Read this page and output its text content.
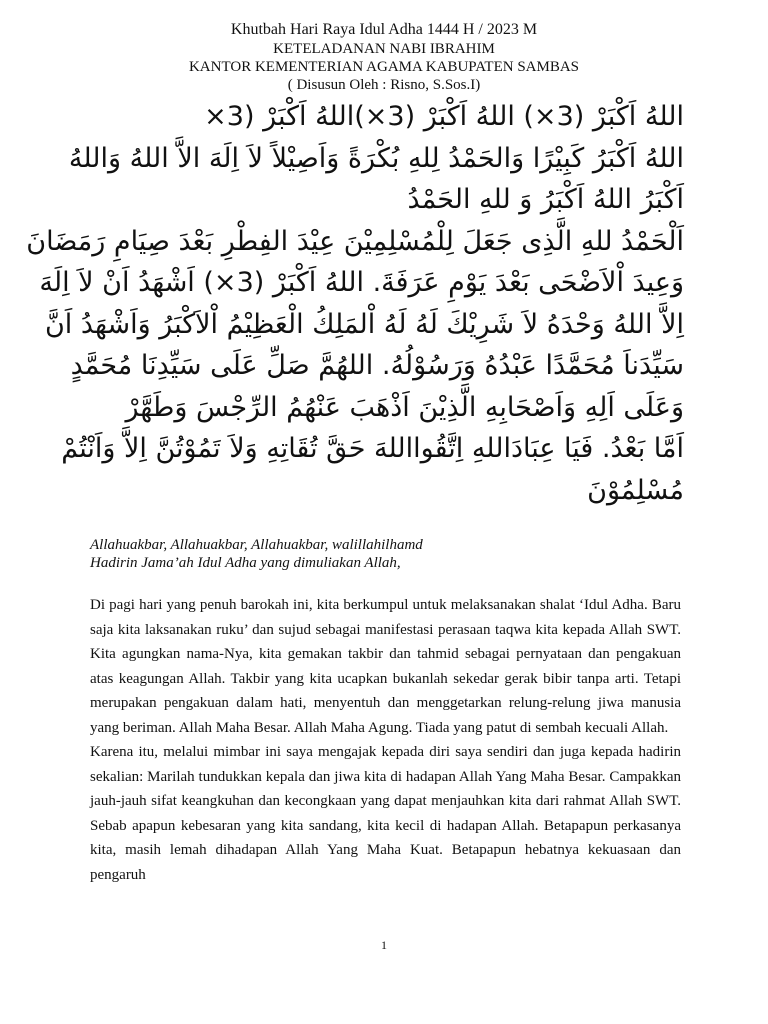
Khutbah Hari Raya Idul Adha 1444 H / 2023 M

KETELADANAN NABI IBRAHIM

KANTOR KEMENTERIAN AGAMA KABUPATEN SAMBAS

( Disusun Oleh : Risno, S.Sos.I)

اللهُ اَكْبَرْ (3×) اللهُ اَكْبَرْ (3×)اللهُ اَكْبَرْ (3×

اللهُ اَكْبَرُ كَبِيْرًا وَالحَمْدُ لِلهِ بُكْرَةً وَاَصِيْلاً لاَ اِلَهَ الاَّ اللهُ وَاللهُ

اَكْبَرُ اللهُ اَكْبَرُ وَ للهِ الحَمْدُ

اَلْحَمْدُ للهِ الَّذِى جَعَلَ لِلْمُسْلِمِيْنَ عِيْدَ الفِطْرِ بَعْدَ صِيَامِ رَمَضَانَ

وَعِيدَ اْلاَضْحَى بَعْدَ يَوْمِ عَرَفَةَ. اللهُ اَكْبَرْ (3×) اَشْهَدُ اَنْ لاَ اِلَهَ

اِلاَّ اللهُ وَحْدَهُ لاَ شَرِيْكَ لَهُ لَهُ اْلمَلِكُ الْعَظِيْمُ اْلاَكْبَرُ وَاَشْهَدُ اَنَّ

سَيِّدَناَ مُحَمَّدًا عَبْدُهُ وَرَسُوْلُهُ. اللهُمَّ صَلِّ عَلَى سَيِّدِنَا مُحَمَّدٍ

وَعَلَى اَلِهِ وَاَصْحَابِهِ الَّذِيْنَ اَذْهَبَ عَنْهُمُ الرِّجْسَ وَطَهَّرْ

اَمَّا بَعْدُ. فَيَا عِبَادَاللهِ اِتَّقُوااللهَ حَقَّ تُقَاتِهِ وَلاَ تَمُوْتُنَّ اِلاَّ وَاَنْتُمْ

مُسْلِمُوْنَ

Allahuakbar, Allahuakbar, Allahuakbar, walillahilhamd

Hadirin Jama’ah Idul Adha yang dimuliakan Allah,

Di pagi hari yang penuh barokah ini, kita berkumpul untuk melaksanakan shalat ‘Idul Adha. Baru saja kita laksanakan ruku’ dan sujud sebagai manifestasi perasaan taqwa kita kepada Allah SWT. Kita agungkan nama-Nya, kita gemakan takbir dan tahmid sebagai pernyataan dan pengakuan atas keagungan Allah. Takbir yang kita ucapkan bukanlah sekedar gerak bibir tanpa arti. Tetapi merupakan pengakuan dalam hati, menyentuh dan menggetarkan relung-relung jiwa manusia yang beriman. Allah Maha Besar. Allah Maha Agung. Tiada yang patut di sembah kecuali Allah.

Karena itu, melalui mimbar ini saya mengajak kepada diri saya sendiri dan juga kepada hadirin sekalian: Marilah tundukkan kepala dan jiwa kita di hadapan Allah Yang Maha Besar. Campakkan jauh-jauh sifat keangkuhan dan kecongkaan yang dapat menjauhkan kita dari rahmat Allah SWT. Sebab apapun kebesaran yang kita sandang, kita kecil di hadapan Allah. Betapapun perkasanya kita, masih lemah dihadapan Allah Yang Maha Kuat. Betapapun hebatnya kekuasaan dan pengaruh

1
